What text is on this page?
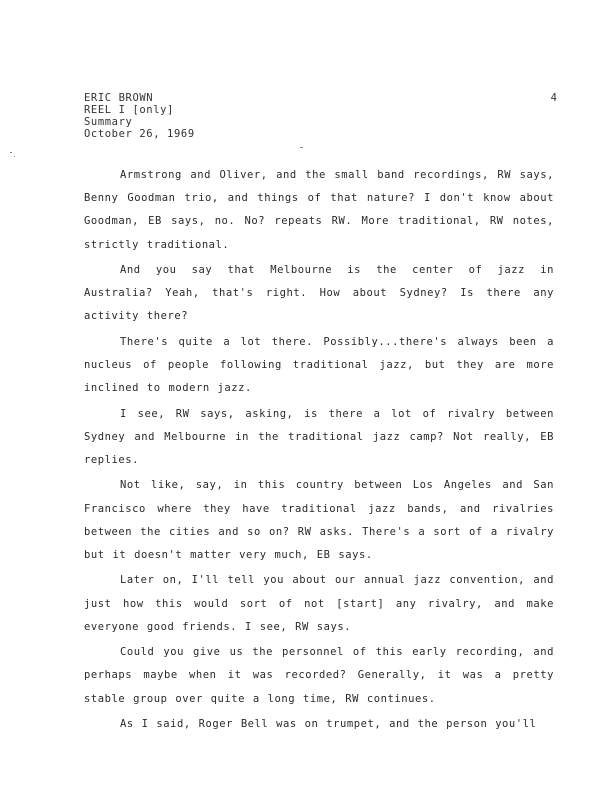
ERIC BROWN
REEL I [only]
Summary
October 26, 1969
4

Armstrong and Oliver, and the small band recordings, RW says, Benny Goodman trio, and things of that nature? I don't know about Goodman, EB says, no. No? repeats RW. More traditional, RW notes, strictly traditional.

And you say that Melbourne is the center of jazz in Australia? Yeah, that's right. How about Sydney? Is there any activity there?

There's quite a lot there. Possibly...there's always been a nucleus of people following traditional jazz, but they are more inclined to modern jazz.

I see, RW says, asking, is there a lot of rivalry between Sydney and Melbourne in the traditional jazz camp? Not really, EB replies.

Not like, say, in this country between Los Angeles and San Francisco where they have traditional jazz bands, and rivalries between the cities and so on? RW asks. There's a sort of a rivalry but it doesn't matter very much, EB says.

Later on, I'll tell you about our annual jazz convention, and just how this would sort of not [start] any rivalry, and make everyone good friends. I see, RW says.

Could you give us the personnel of this early recording, and perhaps maybe when it was recorded? Generally, it was a pretty stable group over quite a long time, RW continues.

As I said, Roger Bell was on trumpet, and the person you'll
